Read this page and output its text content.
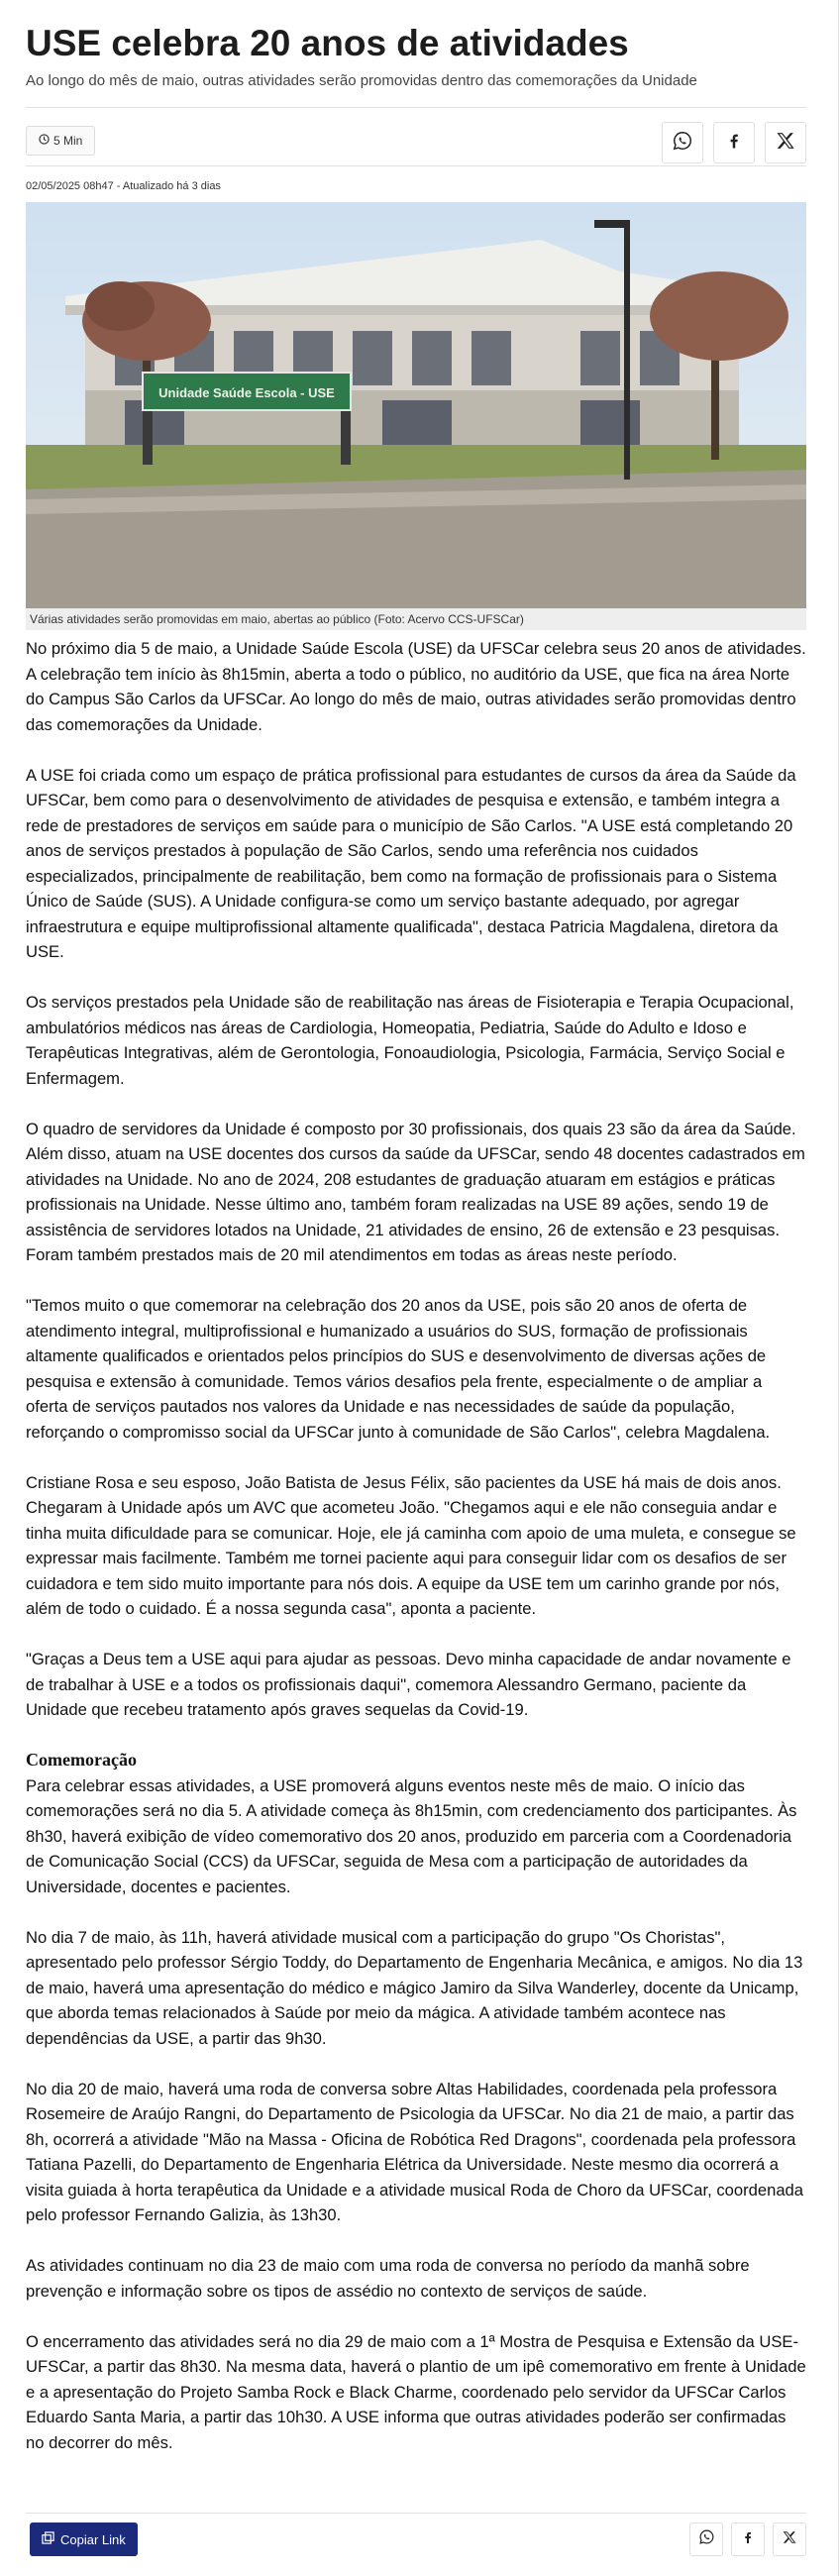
USE celebra 20 anos de atividades
Ao longo do mês de maio, outras atividades serão promovidas dentro das comemorações da Unidade
5 Min
02/05/2025 08h47 - Atualizado há 3 dias
Unidade Saúde Escola - USE
Várias atividades serão promovidas em maio, abertas ao público (Foto: Acervo CCS-UFSCar)

No próximo dia 5 de maio, a Unidade Saúde Escola (USE) da UFSCar celebra seus 20 anos de atividades. A celebração tem início às 8h15min, aberta a todo o público, no auditório da USE, que fica na área Norte do Campus São Carlos da UFSCar. Ao longo do mês de maio, outras atividades serão promovidas dentro das comemorações da Unidade.

A USE foi criada como um espaço de prática profissional para estudantes de cursos da área da Saúde da UFSCar, bem como para o desenvolvimento de atividades de pesquisa e extensão, e também integra a rede de prestadores de serviços em saúde para o município de São Carlos. "A USE está completando 20 anos de serviços prestados à população de São Carlos, sendo uma referência nos cuidados especializados, principalmente de reabilitação, bem como na formação de profissionais para o Sistema Único de Saúde (SUS). A Unidade configura-se como um serviço bastante adequado, por agregar infraestrutura e equipe multiprofissional altamente qualificada", destaca Patricia Magdalena, diretora da USE.

Os serviços prestados pela Unidade são de reabilitação nas áreas de Fisioterapia e Terapia Ocupacional, ambulatórios médicos nas áreas de Cardiologia, Homeopatia, Pediatria, Saúde do Adulto e Idoso e Terapêuticas Integrativas, além de Gerontologia, Fonoaudiologia, Psicologia, Farmácia, Serviço Social e Enfermagem.

O quadro de servidores da Unidade é composto por 30 profissionais, dos quais 23 são da área da Saúde. Além disso, atuam na USE docentes dos cursos da saúde da UFSCar, sendo 48 docentes cadastrados em atividades na Unidade. No ano de 2024, 208 estudantes de graduação atuaram em estágios e práticas profissionais na Unidade. Nesse último ano, também foram realizadas na USE 89 ações, sendo 19 de assistência de servidores lotados na Unidade, 21 atividades de ensino, 26 de extensão e 23 pesquisas. Foram também prestados mais de 20 mil atendimentos em todas as áreas neste período.

"Temos muito o que comemorar na celebração dos 20 anos da USE, pois são 20 anos de oferta de atendimento integral, multiprofissional e humanizado a usuários do SUS, formação de profissionais altamente qualificados e orientados pelos princípios do SUS e desenvolvimento de diversas ações de pesquisa e extensão à comunidade. Temos vários desafios pela frente, especialmente o de ampliar a oferta de serviços pautados nos valores da Unidade e nas necessidades de saúde da população, reforçando o compromisso social da UFSCar junto à comunidade de São Carlos", celebra Magdalena.

Cristiane Rosa e seu esposo, João Batista de Jesus Félix, são pacientes da USE há mais de dois anos. Chegaram à Unidade após um AVC que acometeu João. "Chegamos aqui e ele não conseguia andar e tinha muita dificuldade para se comunicar. Hoje, ele já caminha com apoio de uma muleta, e consegue se expressar mais facilmente. Também me tornei paciente aqui para conseguir lidar com os desafios de ser cuidadora e tem sido muito importante para nós dois. A equipe da USE tem um carinho grande por nós, além de todo o cuidado. É a nossa segunda casa", aponta a paciente.

"Graças a Deus tem a USE aqui para ajudar as pessoas. Devo minha capacidade de andar novamente e de trabalhar à USE e a todos os profissionais daqui", comemora Alessandro Germano, paciente da Unidade que recebeu tratamento após graves sequelas da Covid-19.

Comemoração

Para celebrar essas atividades, a USE promoverá alguns eventos neste mês de maio. O início das comemorações será no dia 5. A atividade começa às 8h15min, com credenciamento dos participantes. Às 8h30, haverá exibição de vídeo comemorativo dos 20 anos, produzido em parceria com a Coordenadoria de Comunicação Social (CCS) da UFSCar, seguida de Mesa com a participação de autoridades da Universidade, docentes e pacientes.

No dia 7 de maio, às 11h, haverá atividade musical com a participação do grupo "Os Choristas", apresentado pelo professor Sérgio Toddy, do Departamento de Engenharia Mecânica, e amigos. No dia 13 de maio, haverá uma apresentação do médico e mágico Jamiro da Silva Wanderley, docente da Unicamp, que aborda temas relacionados à Saúde por meio da mágica. A atividade também acontece nas dependências da USE, a partir das 9h30.

No dia 20 de maio, haverá uma roda de conversa sobre Altas Habilidades, coordenada pela professora Rosemeire de Araújo Rangni, do Departamento de Psicologia da UFSCar. No dia 21 de maio, a partir das 8h, ocorrerá a atividade "Mão na Massa - Oficina de Robótica Red Dragons", coordenada pela professora Tatiana Pazelli, do Departamento de Engenharia Elétrica da Universidade. Neste mesmo dia ocorrerá a visita guiada à horta terapêutica da Unidade e a atividade musical Roda de Choro da UFSCar, coordenada pelo professor Fernando Galizia, às 13h30.

As atividades continuam no dia 23 de maio com uma roda de conversa no período da manhã sobre prevenção e informação sobre os tipos de assédio no contexto de serviços de saúde.

O encerramento das atividades será no dia 29 de maio com a 1ª Mostra de Pesquisa e Extensão da USE-UFSCar, a partir das 8h30. Na mesma data, haverá o plantio de um ipê comemorativo em frente à Unidade e a apresentação do Projeto Samba Rock e Black Charme, coordenado pelo servidor da UFSCar Carlos Eduardo Santa Maria, a partir das 10h30. A USE informa que outras atividades poderão ser confirmadas no decorrer do mês.

Copiar Link
